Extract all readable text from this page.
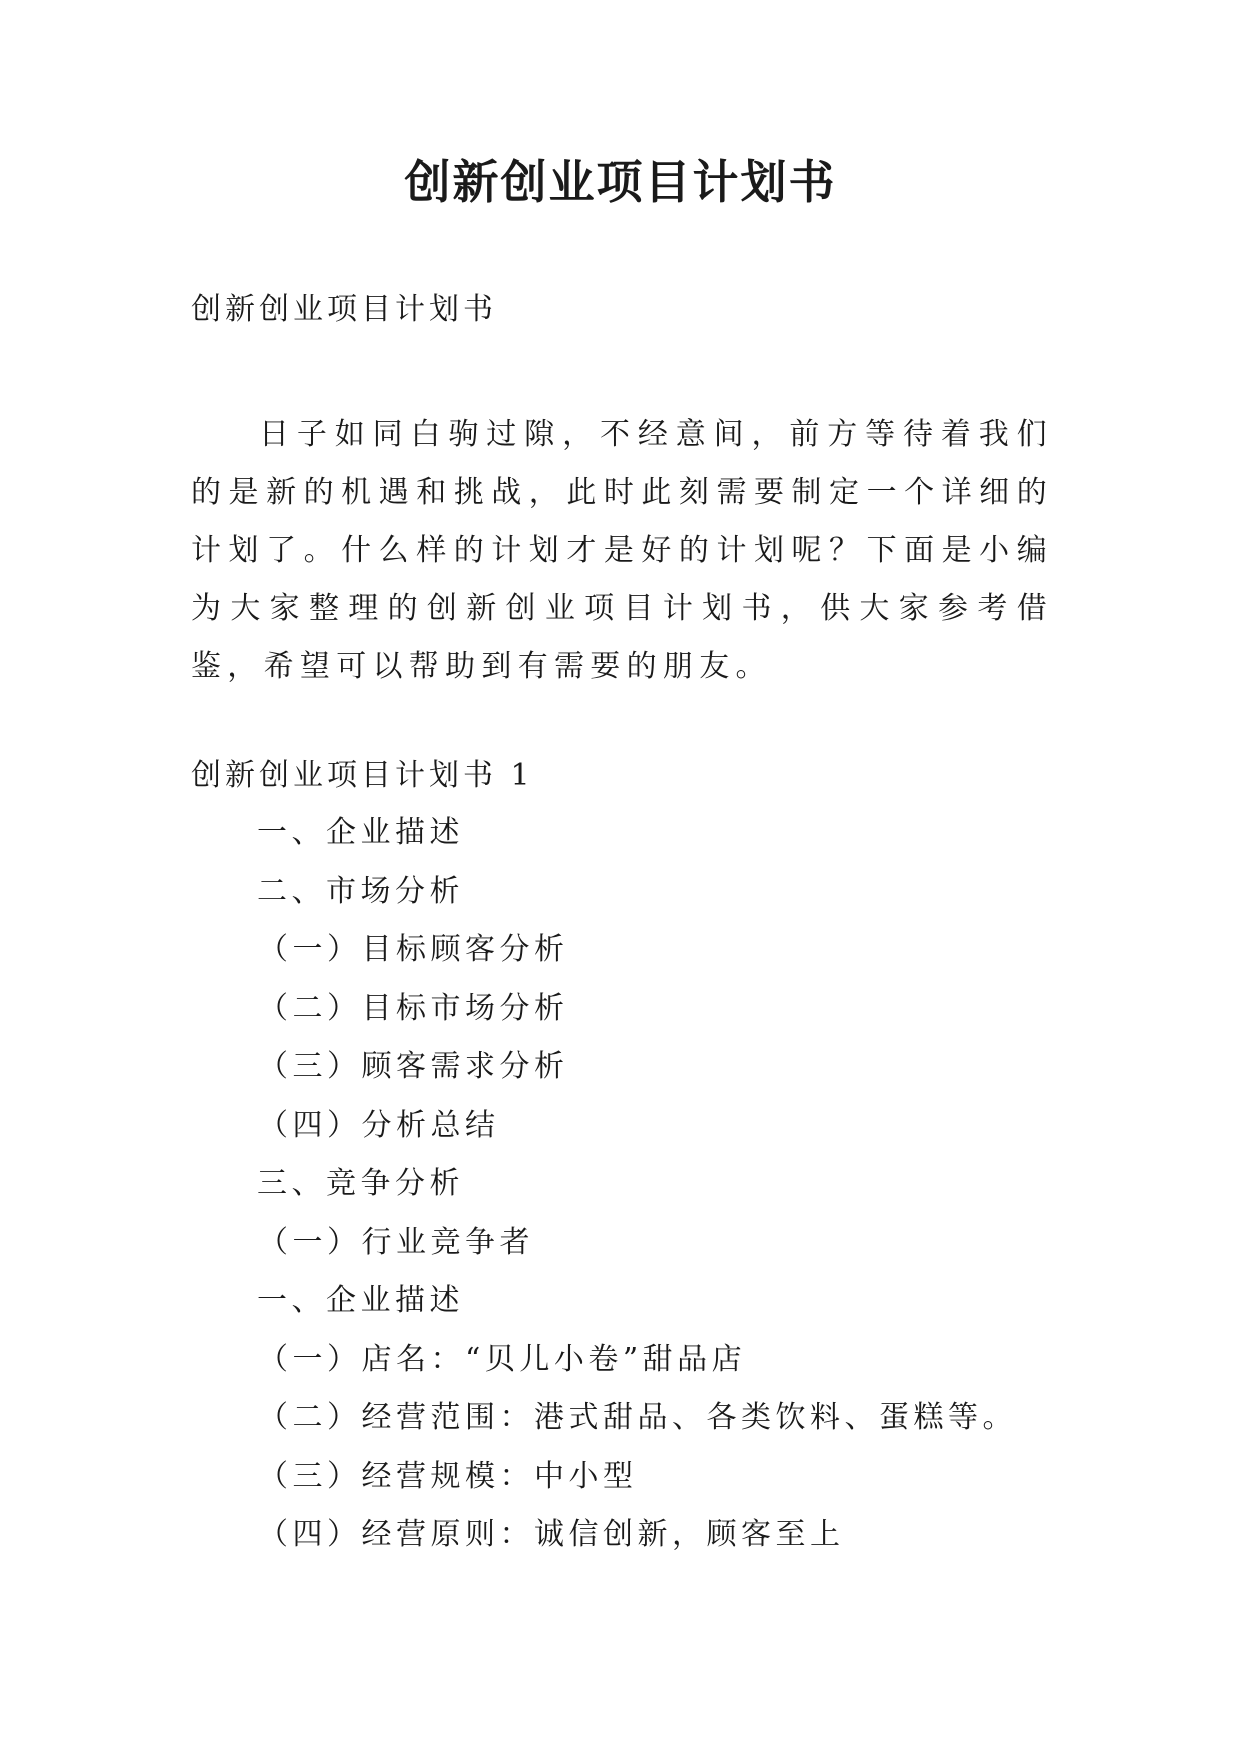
创新创业项目计划书

创新创业项目计划书

日子如同白驹过隙，不经意间，前方等待着我们的是新的机遇和挑战，此时此刻需要制定一个详细的计划了。什么样的计划才是好的计划呢？下面是小编为大家整理的创新创业项目计划书，供大家参考借鉴，希望可以帮助到有需要的朋友。

创新创业项目计划书 1

一、企业描述
二、市场分析
（一）目标顾客分析
（二）目标市场分析
（三）顾客需求分析
（四）分析总结
三、竞争分析
（一）行业竞争者
一、企业描述
（一）店名：“贝儿小卷”甜品店
（二）经营范围：港式甜品、各类饮料、蛋糕等。
（三）经营规模：中小型
（四）经营原则：诚信创新，顾客至上
